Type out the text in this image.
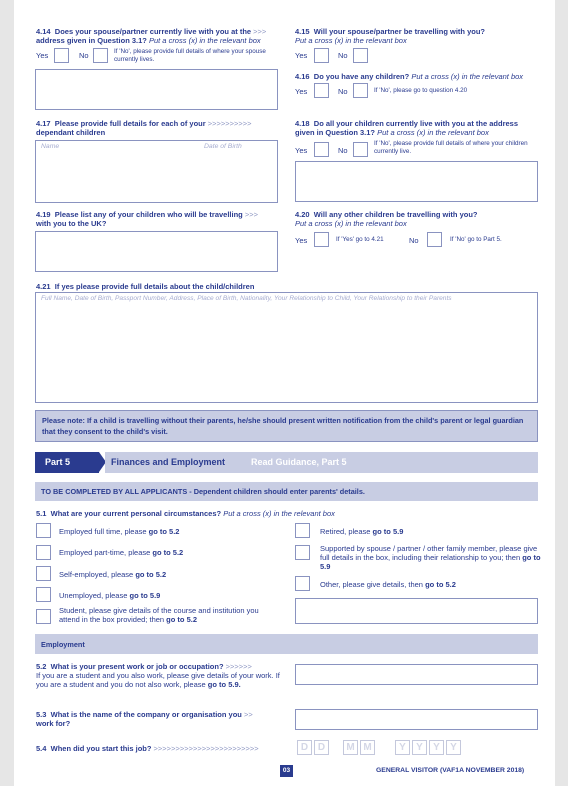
4.14 Does your spouse/partner currently live with you at the >>>
address given in Question 3.1? Put a cross (x) in the relevant box
Yes	No	If 'No', please provide full details of where your spouse currently lives.
4.15 Will your spouse/partner be travelling with you?
Put a cross (x) in the relevant box
Yes	No
4.16 Do you have any children? Put a cross (x) in the relevant box
Yes	No	If 'No', please go to question 4.20
4.17 Please provide full details for each of your >>>>>>>>>>
dependant children
Name	Date of Birth
4.18 Do all your children currently live with you at the address
given in Question 3.1? Put a cross (x) in the relevant box
Yes	No
If 'No', please provide full details of where your children currently live.
4.19 Please list any of your children who will be travelling >>>
with you to the UK?
4.20 Will any other children be travelling with you?
Put a cross (x) in the relevant box
Yes	If 'Yes' go to 4.21	No	If 'No' go to Part 5.
4.21 If yes please provide full details about the child/children
Full Name, Date of Birth, Passport Number, Address, Place of Birth, Nationality, Your Relationship to Child, Your Relationship to their Parents
Please note: If a child is travelling without their parents, he/she should present written notification from the child's parent or legal guardian that they consent to the child's visit.
Part 5	Finances and Employment	Read Guidance, Part 5
TO BE COMPLETED BY ALL APPLICANTS - Dependent children should enter parents' details.
5.1 What are your current personal circumstances? Put a cross (x) in the relevant box
Employed full time, please go to 5.2
Employed part-time, please go to 5.2
Self-employed, please go to 5.2
Unemployed, please go to 5.9
Student, please give details of the course and institution you attend in the box provided; then go to 5.2
Retired, please go to 5.9
Supported by spouse / partner / other family member, please give full details in the box, including their relationship to you; then go to 5.9
Other, please give details, then go to 5.2
Employment
5.2 What is your present work or job or occupation? >>>>>>
If you are a student and you also work, please give details of your work. If you are a student and you do not also work, please go to 5.9.
5.3 What is the name of the company or organisation you >>
work for?
5.4 When did you start this job? >>>>>>>>>>>>>>>>>>>>>>>>	D D	M M	Y	Y	Y	Y
03	GENERAL VISITOR (VAF1A NOVEMBER 2018)
